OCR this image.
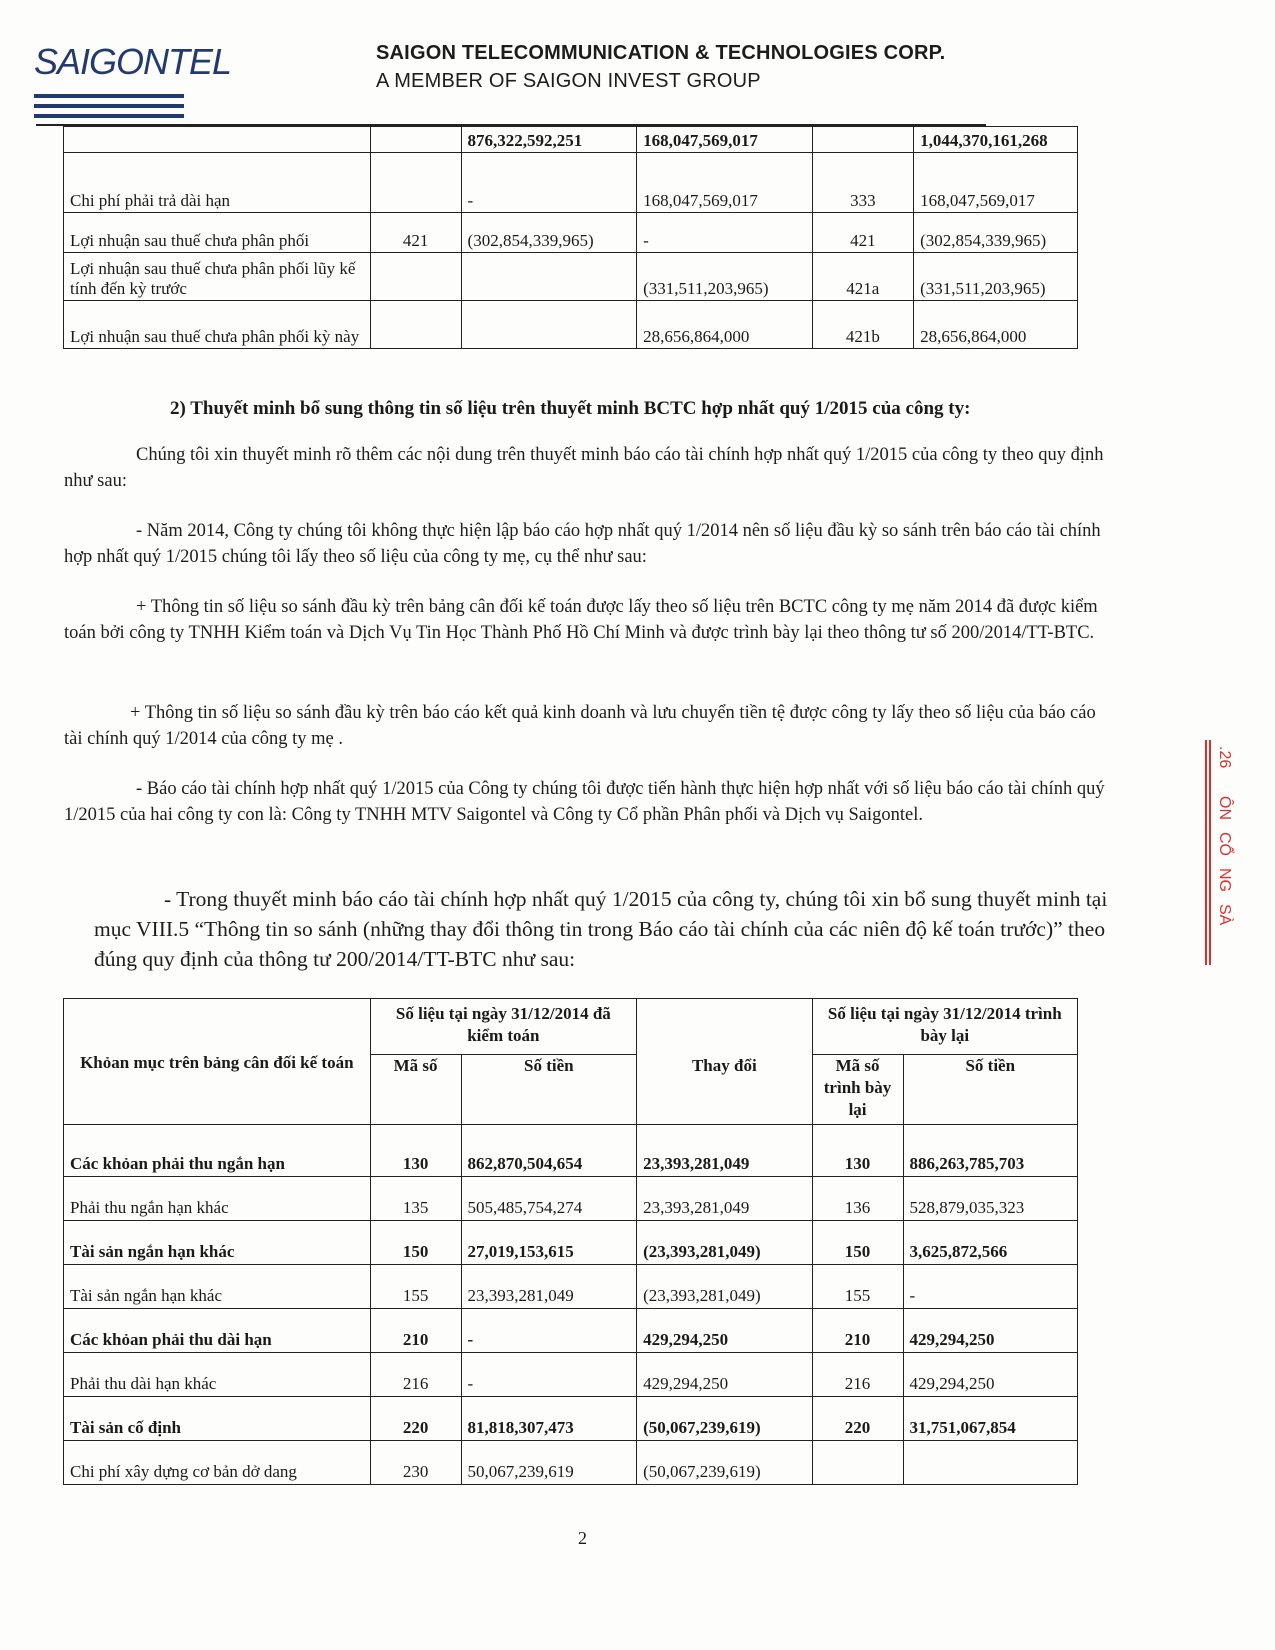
SAIGONTEL	SAIGON TELECOMMUNICATION & TECHNOLOGIES CORP.
A MEMBER OF SAIGON INVEST GROUP
		876,322,592,251	168,047,569,017		1,044,370,161,268
Chi phí phải trả dài hạn		-	168,047,569,017	333	168,047,569,017
Lợi nhuận sau thuế chưa phân phối	421	(302,854,339,965)	-	421	(302,854,339,965)
Lợi nhuận sau thuế chưa phân phối lũy kế tính đến kỳ trước			(331,511,203,965)	421a	(331,511,203,965)
Lợi nhuận sau thuế chưa phân phối kỳ này			28,656,864,000	421b	28,656,864,000
2) Thuyết minh bổ sung thông tin số liệu trên thuyết minh BCTC hợp nhất quý 1/2015 của công ty:
Chúng tôi xin thuyết minh rõ thêm các nội dung trên thuyết minh báo cáo tài chính hợp nhất quý 1/2015 của công ty theo quy định như sau:
- Năm 2014, Công ty chúng tôi không thực hiện lập báo cáo hợp nhất quý 1/2014 nên số liệu đầu kỳ so sánh trên báo cáo tài chính hợp nhất quý 1/2015 chúng tôi lấy theo số liệu của công ty mẹ, cụ thể như sau:
+ Thông tin số liệu so sánh đầu kỳ trên bảng cân đối kế toán được lấy theo số liệu trên BCTC công ty mẹ năm 2014 đã được kiểm toán bởi công ty TNHH Kiểm toán và Dịch Vụ Tin Học Thành Phố Hồ Chí Minh và được trình bày lại theo thông tư số 200/2014/TT-BTC.
+ Thông tin số liệu so sánh đầu kỳ trên báo cáo kết quả kinh doanh và lưu chuyển tiền tệ được công ty lấy theo số liệu của báo cáo tài chính quý 1/2014 của công ty mẹ .
- Báo cáo tài chính hợp nhất quý 1/2015 của Công ty chúng tôi được tiến hành thực hiện hợp nhất với số liệu báo cáo tài chính quý 1/2015 của hai công ty con là: Công ty TNHH MTV Saigontel và Công ty Cổ phần Phân phối và Dịch vụ Saigontel.
- Trong thuyết minh báo cáo tài chính hợp nhất quý 1/2015 của công ty, chúng tôi xin bổ sung thuyết minh tại mục VIII.5 “Thông tin so sánh (những thay đổi thông tin trong Báo cáo tài chính của các niên độ kế toán trước)” theo đúng quy định của thông tư 200/2014/TT-BTC như sau:
Khỏan mục trên bảng cân đối kế toán	Số liệu tại ngày 31/12/2014 đã kiểm toán			Số liệu tại ngày 31/12/2014 trình bày lại	
	Mã số	Số tiền	Thay đổi	Mã số trình bày lại	Số tiền
Các khỏan phải thu ngắn hạn	130	862,870,504,654	23,393,281,049	130	886,263,785,703
Phải thu ngắn hạn khác	135	505,485,754,274	23,393,281,049	136	528,879,035,323
Tài sản ngắn hạn khác	150	27,019,153,615	(23,393,281,049)	150	3,625,872,566
Tài sản ngắn hạn khác	155	23,393,281,049	(23,393,281,049)	155	-
Các khỏan phải thu dài hạn	210	-	429,294,250	210	429,294,250
Phải thu dài hạn khác	216	-	429,294,250	216	429,294,250
Tài sản cố định	220	81,818,307,473	(50,067,239,619)	220	31,751,067,854
Chi phí xây dựng cơ bản dở dang	230	50,067,239,619	(50,067,239,619)		
2
.26
ÔN
CỔ
NG
SÀ
